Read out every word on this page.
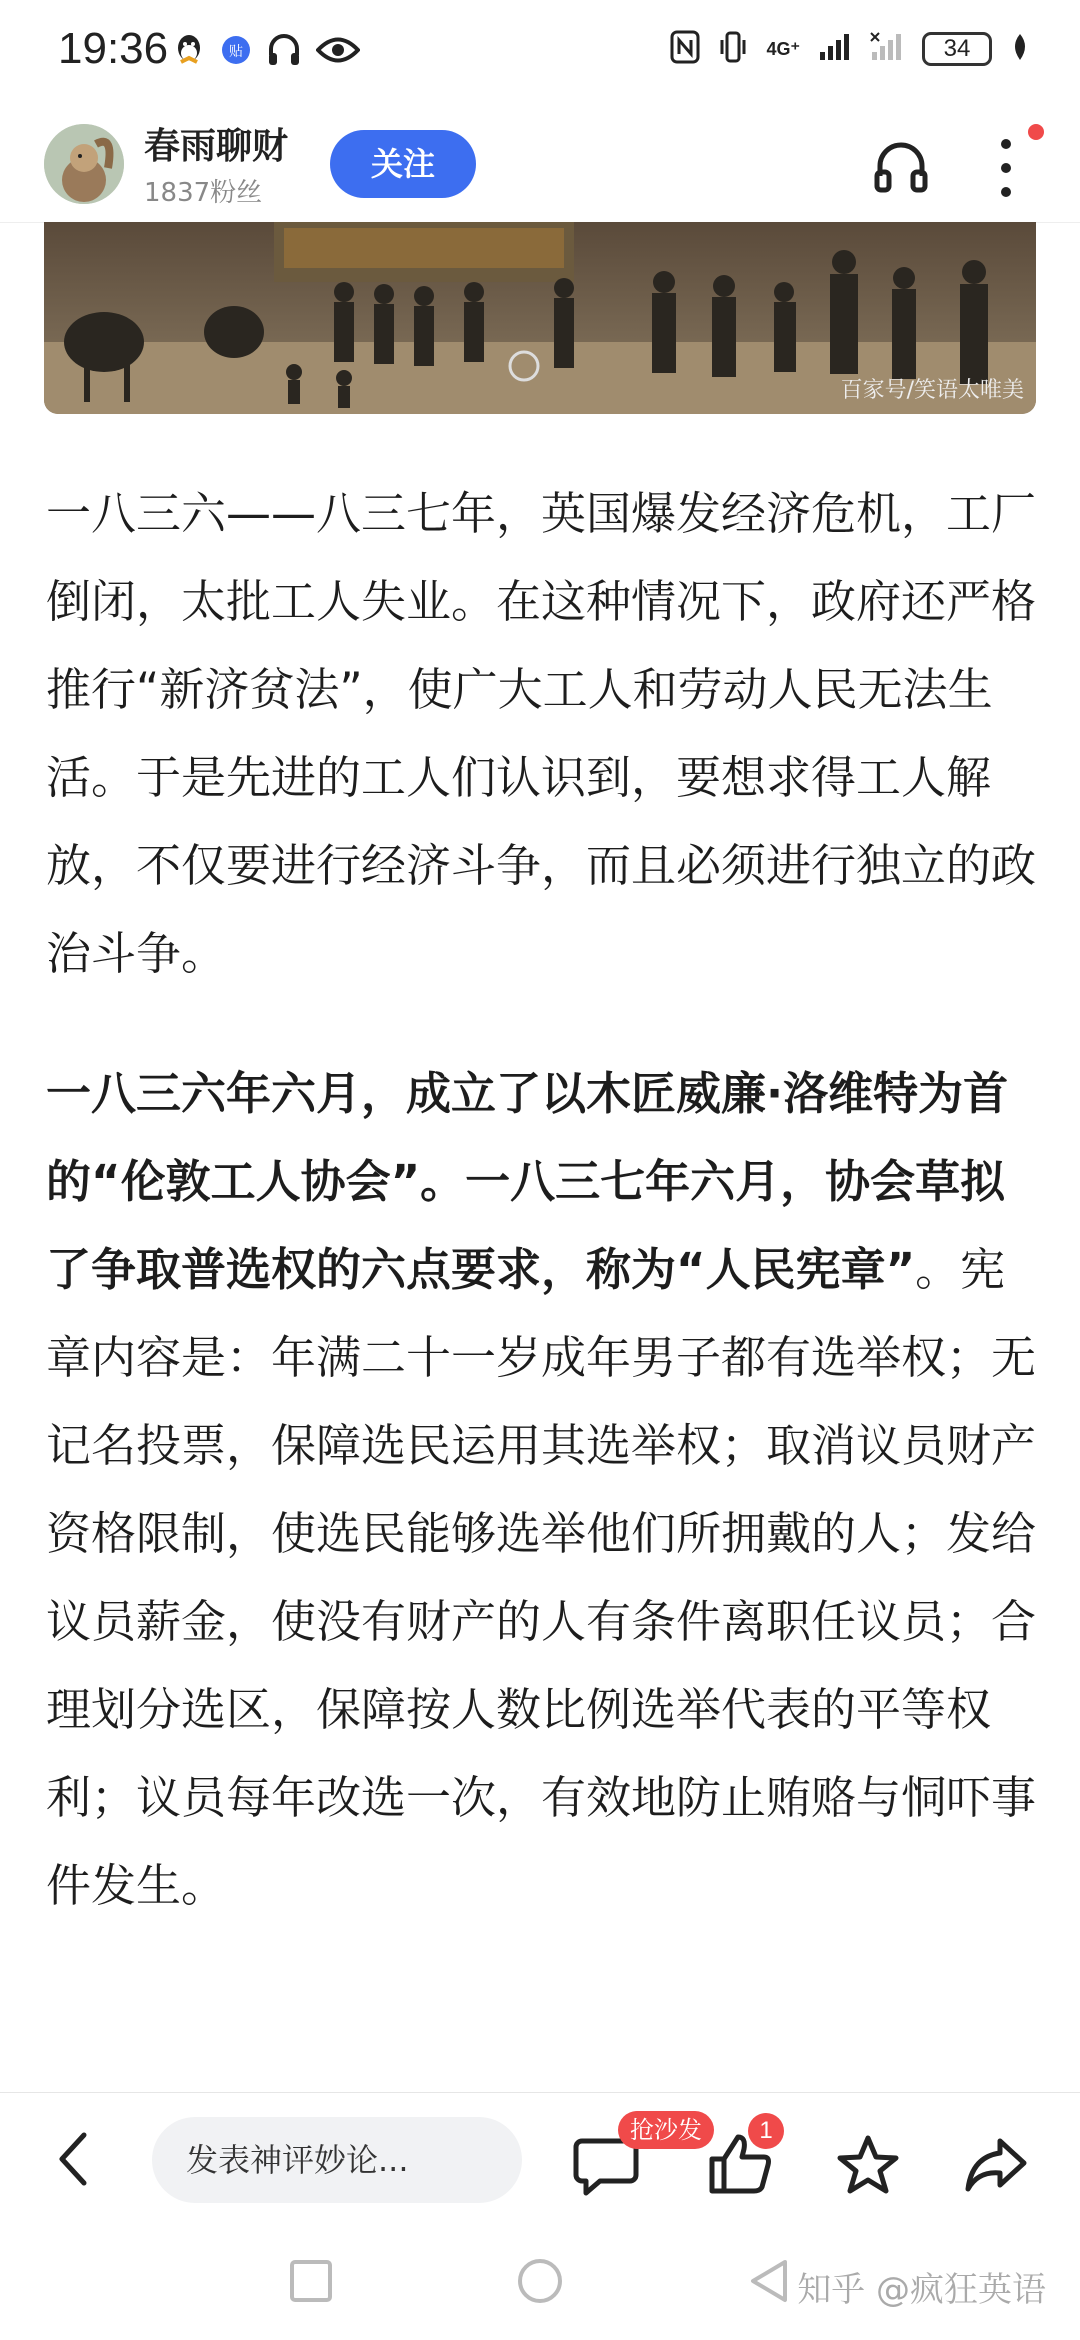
19:36	贴	4G⁺	34
春雨聊财
1837粉丝
关注
百家号/笑语太唯美

一八三六——八三七年，英国爆发经济危机，工厂倒闭，太批工人失业。在这种情况下，政府还严格推行“新济贫法”，使广大工人和劳动人民无法生活。于是先进的工人们认识到，要想求得工人解放，不仅要进行经济斗争，而且必须进行独立的政治斗争。

一八三六年六月，成立了以木匠威廉·洛维特为首的“伦敦工人协会”。一八三七年六月，协会草拟了争取普选权的六点要求，称为“人民宪章”。宪章内容是：年满二十一岁成年男子都有选举权；无记名投票，保障选民运用其选举权；取消议员财产资格限制，使选民能够选举他们所拥戴的人；发给议员薪金，使没有财产的人有条件离职任议员；合理划分选区，保障按人数比例选举代表的平等权利；议员每年改选一次，有效地防止贿赂与恫吓事件发生。

发表神评妙论...
抢沙发	1
知乎 @疯狂英语
